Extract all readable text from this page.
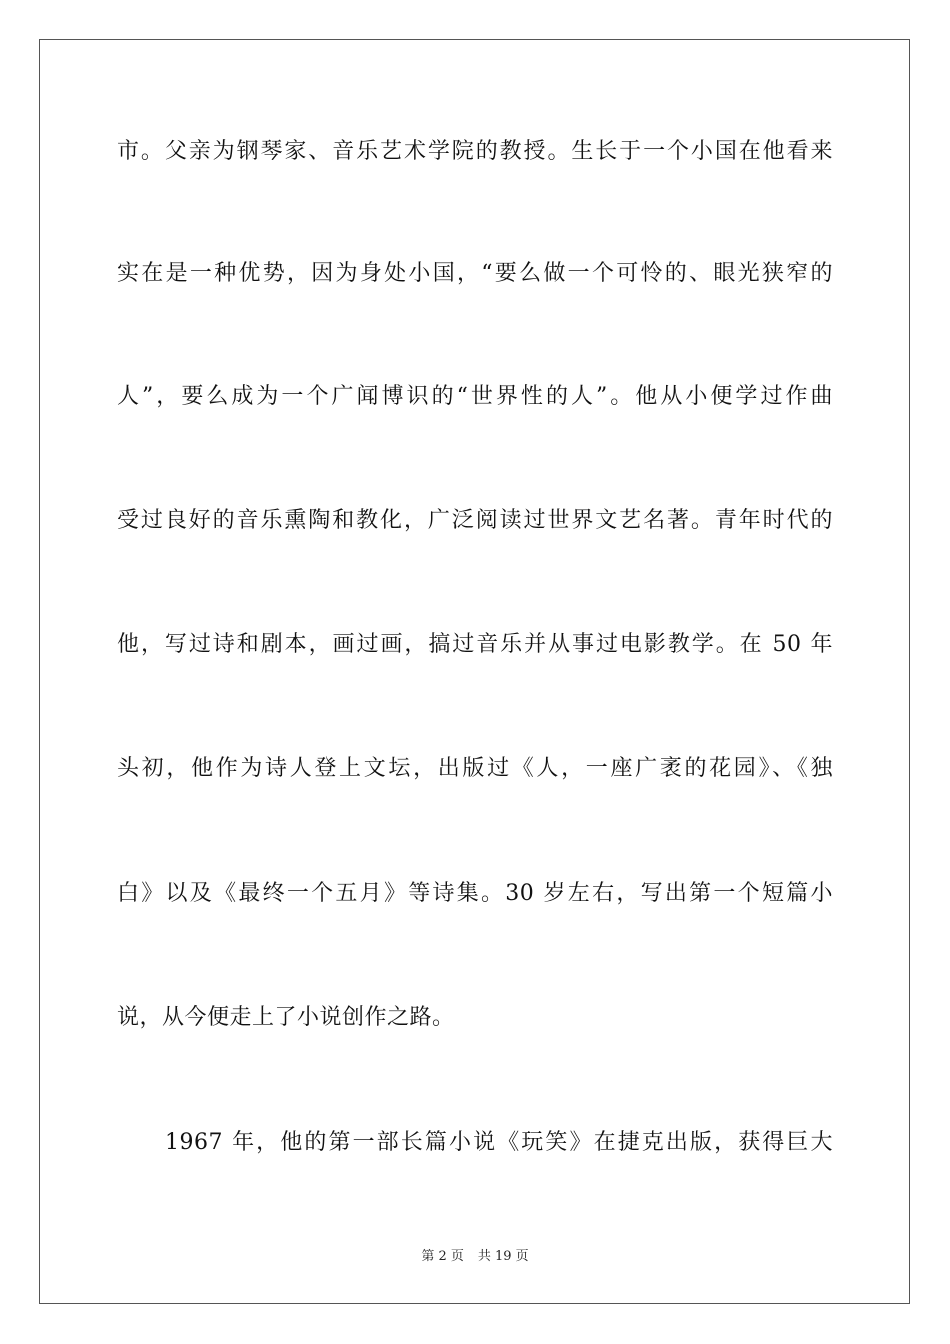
市。父亲为钢琴家、音乐艺术学院的教授。生长于一个小国在他看来
实在是一种优势，因为身处小国，“要么做一个可怜的、眼光狭窄的
人”，要么成为一个广闻博识的“世界性的人”。他从小便学过作曲
受过良好的音乐熏陶和教化，广泛阅读过世界文艺名著。青年时代的
他，写过诗和剧本，画过画，搞过音乐并从事过电影教学。在 50 年
头初，他作为诗人登上文坛，出版过《人，一座广袤的花园》、《独
白》以及《最终一个五月》等诗集。30 岁左右，写出第一个短篇小
说，从今便走上了小说创作之路。
1967 年，他的第一部长篇小说《玩笑》在捷克出版，获得巨大
第 2 页 共 19 页
